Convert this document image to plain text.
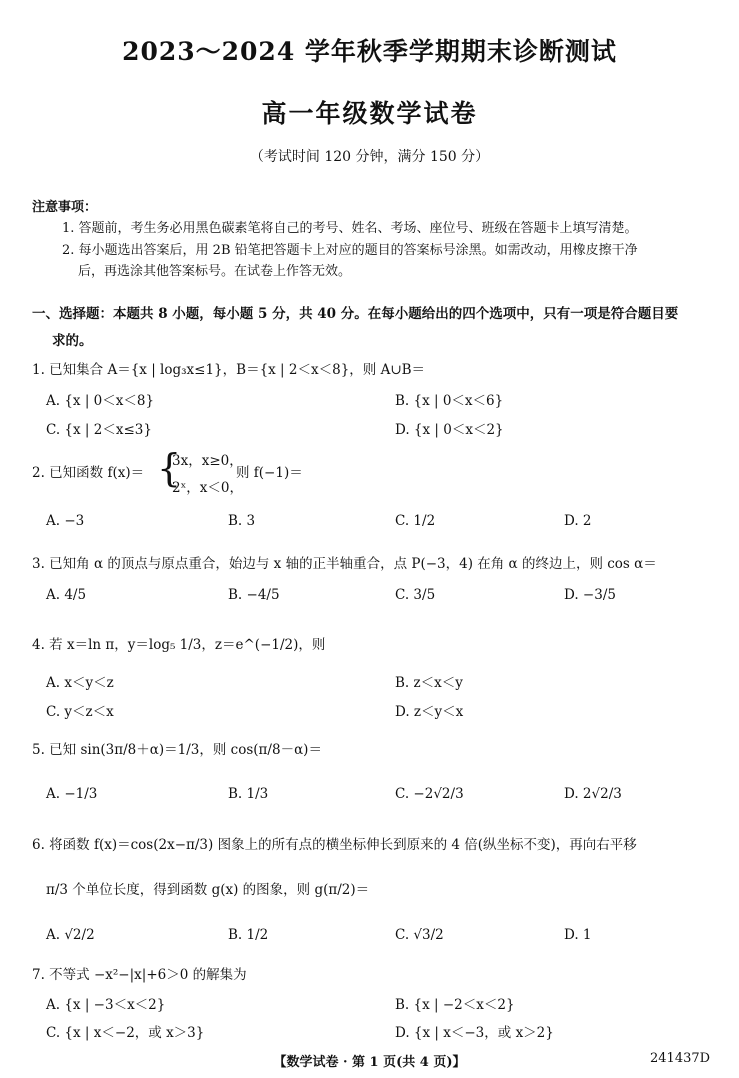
2023～2024 学年秋季学期期末诊断测试
高一年级数学试卷
（考试时间 120 分钟，满分 150 分）
注意事项：
1. 答题前，考生务必用黑色碳素笔将自己的考号、姓名、考场、座位号、班级在答题卡上填写清楚。
2. 每小题选出答案后，用 2B 铅笔把答题卡上对应的题目的答案标号涂黑。如需改动，用橡皮擦干净
后，再选涂其他答案标号。在试卷上作答无效。
一、选择题：本题共 8 小题，每小题 5 分，共 40 分。在每小题给出的四个选项中，只有一项是符合题目要
求的。
1. 已知集合 A＝{x | log₃x≤1}，B＝{x | 2＜x＜8}，则 A∪B＝
A. {x | 0＜x＜8}	B. {x | 0＜x＜6}
C. {x | 2＜x≤3}	D. {x | 0＜x＜2}
2. 已知函数 f(x)＝ {
3x，x≥0，
2ˣ，x＜0，
则 f(−1)＝
A. −3	B. 3	C. 1/2	D. 2
3. 已知角 α 的顶点与原点重合，始边与 x 轴的正半轴重合，点 P(−3，4) 在角 α 的终边上，则 cos α＝
A. 4/5	B. −4/5	C. 3/5	D. −3/5
4. 若 x＝ln π，y＝log₅ 1/3，z＝e^(−1/2)，则
A. x＜y＜z	B. z＜x＜y
C. y＜z＜x	D. z＜y＜x
5. 已知 sin(3π/8＋α)＝1/3，则 cos(π/8－α)＝
A. −1/3	B. 1/3	C. −2√2/3	D. 2√2/3
6. 将函数 f(x)＝cos(2x−π/3) 图象上的所有点的横坐标伸长到原来的 4 倍(纵坐标不变)，再向右平移
π/3 个单位长度，得到函数 g(x) 的图象，则 g(π/2)＝
A. √2/2	B. 1/2	C. √3/2	D. 1
7. 不等式 −x²−|x|+6＞0 的解集为
A. {x | −3＜x＜2}	B. {x | −2＜x＜2}
C. {x | x＜−2，或 x＞3}	D. {x | x＜−3，或 x＞2}
【数学试卷 · 第 1 页(共 4 页)】	241437D
